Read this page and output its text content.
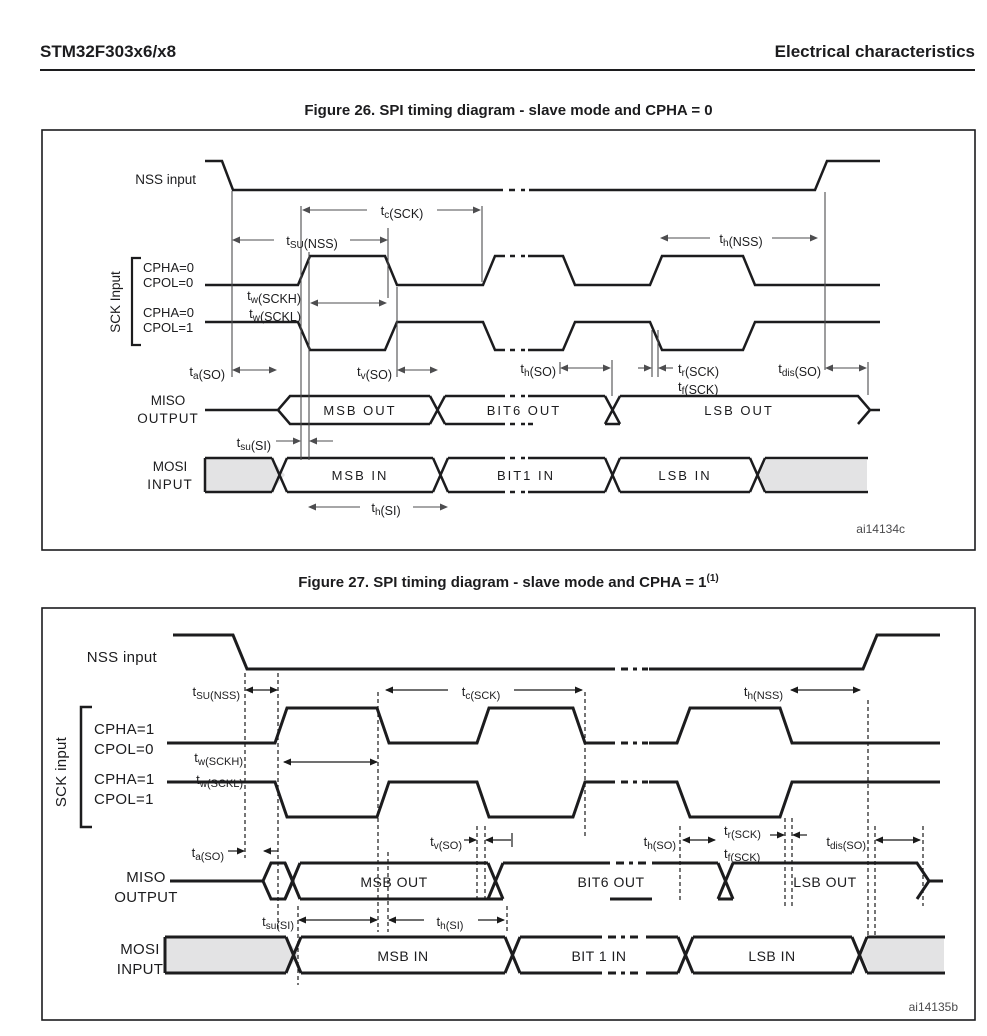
STM32F303x6/x8	Electrical characteristics
Figure 26. SPI timing diagram - slave mode and CPHA = 0
Figure 27. SPI timing diagram - slave mode and CPHA = $1^{(1)}$
NSS input
SCK Input
CPHA=0
CPOL=0
CPHA=0
CPOL=1
MISO
OUTPUT
MOSI
INPUT
$t_c(SCK)$
$t_{SU}(NSS)$	$t_h(NSS)$
$t_w(SCKH)$
$t_w(SCKL)$
$t_a(SO)$	$t_v(SO)$	$t_h(SO)$	$t_r(SCK)$
$t_f(SCK)$
$t_{dis}(SO)$
$t_{su}(SI)$
$t_h(SI)$
MSB OUT	BIT6 OUT	LSB OUT
MSB IN	BIT1 IN	LSB IN
ai14134c
NSS input
SCK input
CPHA=1
CPOL=0
CPHA=1
CPOL=1
MISO
OUTPUT
MOSI
INPUT
$t_{SU}(NSS)$	$t_c(SCK)$	$t_h(NSS)$
$t_w(SCKH)$
$t_w(SCKL)$
$t_a(SO)$
$t_v(SO)$
$t_{su}(SI)$	$t_h(SI)$
$t_h(SO)$
$t_r(SCK)$
$t_f(SCK)$
$t_{dis}(SO)$
MSB OUT	BIT6 OUT	LSB OUT
MSB IN	BIT 1 IN	LSB IN
ai14135b
